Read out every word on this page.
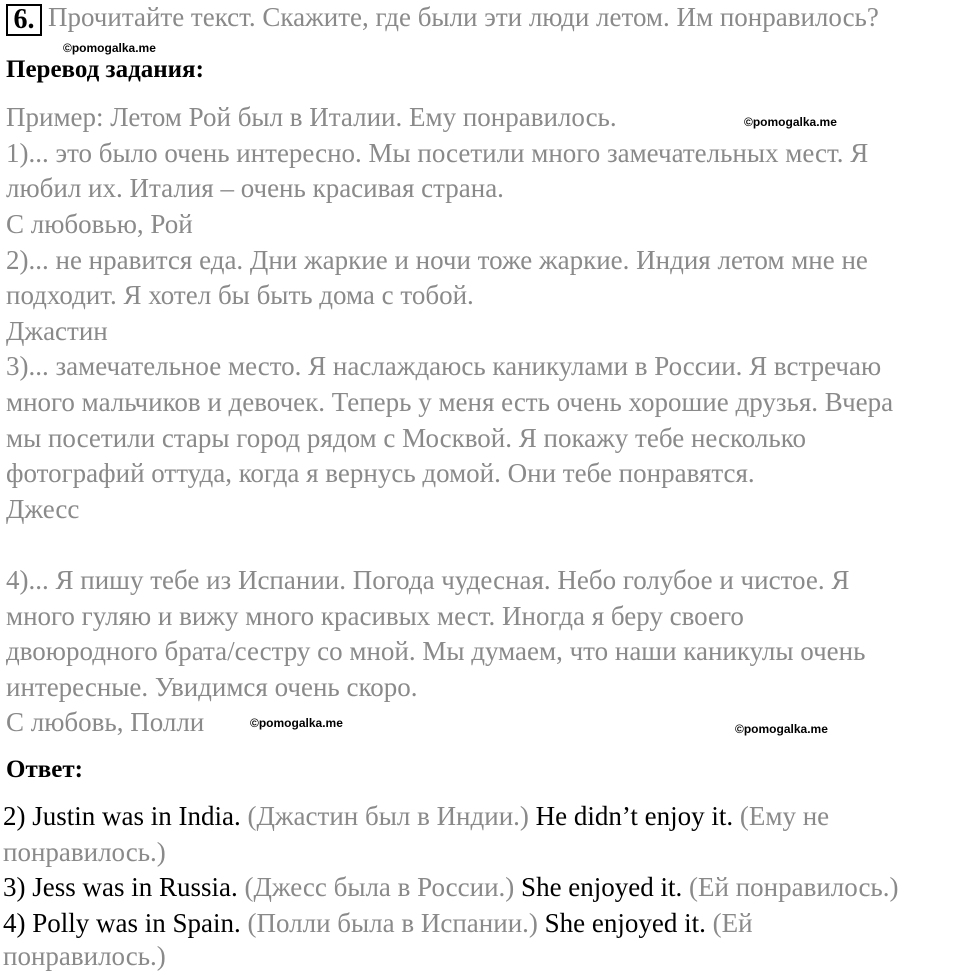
6. Прочитайте текст. Скажите, где были эти люди летом. Им понравилось?
©pomogalka.me
Перевод задания:
Пример: Летом Рой был в Италии. Ему понравилось.	©pomogalka.me
1)... это было очень интересно. Мы посетили много замечательных мест. Я
любил их. Италия – очень красивая страна.
С любовью, Рой
2)... не нравится еда. Дни жаркие и ночи тоже жаркие. Индия летом мне не
подходит. Я хотел бы быть дома с тобой.
Джастин
3)... замечательное место. Я наслаждаюсь каникулами в России. Я встречаю
много мальчиков и девочек. Теперь у меня есть очень хорошие друзья. Вчера
мы посетили стары город рядом с Москвой. Я покажу тебе несколько
фотографий оттуда, когда я вернусь домой. Они тебе понравятся.
Джесс
4)... Я пишу тебе из Испании. Погода чудесная. Небо голубое и чистое. Я
много гуляю и вижу много красивых мест. Иногда я беру своего
двоюродного брата/сестру со мной. Мы думаем, что наши каникулы очень
интересные. Увидимся очень скоро.
С любовь, Полли	©pomogalka.me	©pomogalka.me
Ответ:
2) Justin was in India. (Джастин был в Индии.) He didn’t enjoy it. (Ему не
понравилось.)
3) Jess was in Russia. (Джесс была в России.) She enjoyed it. (Ей понравилось.)
4) Polly was in Spain. (Полли была в Испании.) She enjoyed it. (Ей
понравилось.)
